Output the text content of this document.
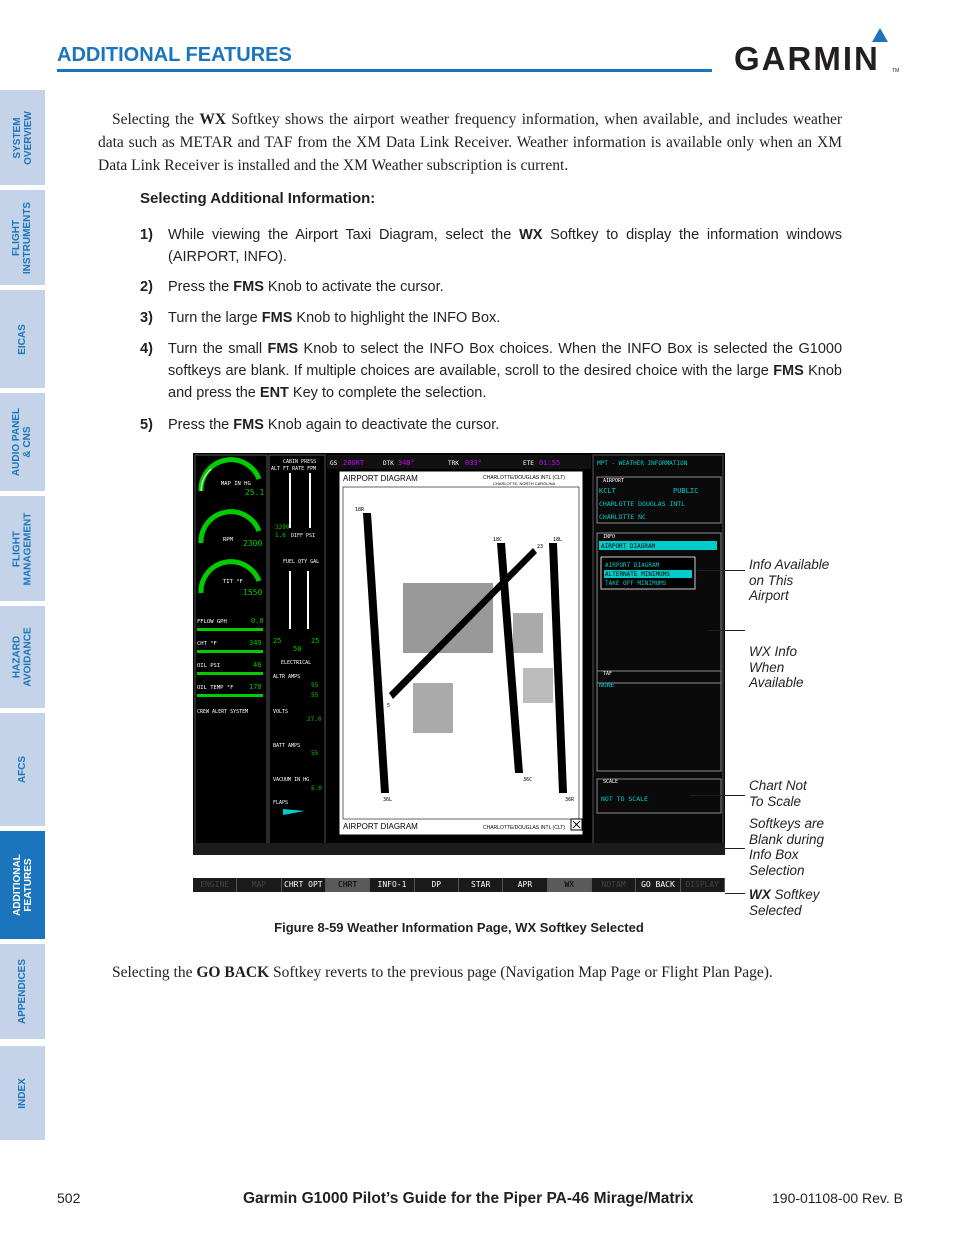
SYSTEM
OVERVIEW
FLIGHT
INSTRUMENTS
EICAS
AUDIO PANEL
& CNS
FLIGHT
MANAGEMENT
HAZARD
AVOIDANCE
AFCS
ADDITIONAL
FEATURES
APPENDICES
INDEX
ADDITIONAL FEATURES	GARMIN TM
Selecting the WX Softkey shows the airport weather frequency information, when available, and includes weather data such as METAR and TAF from the XM Data Link Receiver. Weather information is available only when an XM Data Link Receiver is installed and the XM Weather subscription is current.
Selecting Additional Information:
1) While viewing the Airport Taxi Diagram, select the WX Softkey to display the information windows (AIRPORT, INFO).
2) Press the FMS Knob to activate the cursor.
3) Turn the large FMS Knob to highlight the INFO Box.
4) Turn the small FMS Knob to select the INFO Box choices. When the INFO Box is selected the G1000 softkeys are blank. If multiple choices are available, scroll to the desired choice with the large FMS Knob and press the ENT Key to complete the selection.
5) Press the FMS Knob again to deactivate the cursor.
MAP IN HG
25.1
RPM 2300
TIT °F
1550
FFLOW GPH	0.0
CHT °F	349
OIL PSI	46
OIL TEMP °F 170
CREW ALERT SYSTEM
CABIN PRESS
ALT FT RATE FPM
3200
DIFF PSI
1.6
FUEL QTY GAL
25	25
50
ELECTRICAL
ALTR AMPS
55
55
VOLTS
27.0
BATT AMPS
55
VACUUM IN HG
5.0
FLAPS
GS 200KT	DTK 348°	TRK 033°	ETE 01:55
AIRPORT DIAGRAM	CHARLOTTE/DOUGLAS INTL (CLT)
CHARLOTTE, NORTH CAROLINA
18R
18C	18L
36L
36C
36R
5
23
AIRPORT DIAGRAM	CHARLOTTE/DOUGLAS INTL (CLT)
MPT - WEATHER INFORMATION
AIRPORT
KCLT	PUBLIC
CHARLOTTE DOUGLAS INTL
CHARLOTTE NC
INFO
AIRPORT DIAGRAM
AIRPORT DIAGRAM
ALTERNATE MINIMUMS
TAKE OFF MINIMUMS
TAF
NONE
SCALE
NOT TO SCALE
Info Available
on This
Airport
WX Info
When
Available
Chart Not
To Scale
Softkeys are
Blank during
Info Box
Selection
WX Softkey
Selected
ENGINE	MAP	CHRT OPT	CHRT	INFO-1	DP	STAR	APR	WX	NOTAM	GO BACK	DISPLAY
Figure 8-59 Weather Information Page, WX Softkey Selected
Selecting the GO BACK Softkey reverts to the previous page (Navigation Map Page or Flight Plan Page).
502	Garmin G1000 Pilot’s Guide for the Piper PA-46 Mirage/Matrix	190-01108-00 Rev. B
